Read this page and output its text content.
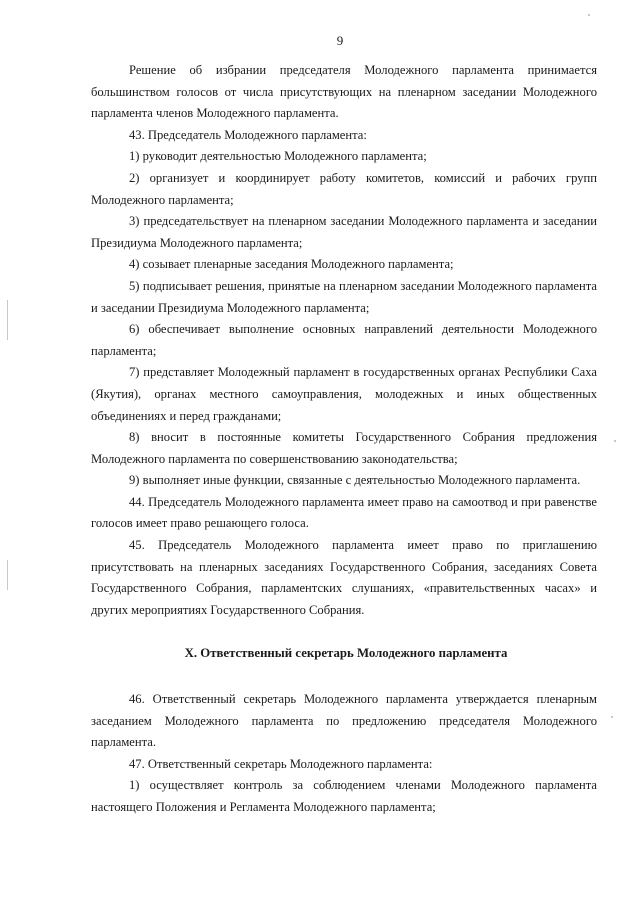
9

Решение об избрании председателя Молодежного парламента принимается большинством голосов от числа присутствующих на пленарном заседании Молодежного парламента членов Молодежного парламента.

43. Председатель Молодежного парламента:

1) руководит деятельностью Молодежного парламента;

2) организует и координирует работу комитетов, комиссий и рабочих групп Молодежного парламента;

3) председательствует на пленарном заседании Молодежного парламента и заседании Президиума Молодежного парламента;

4) созывает пленарные заседания Молодежного парламента;

5) подписывает решения, принятые на пленарном заседании Молодежного парламента и заседании Президиума Молодежного парламента;

6) обеспечивает выполнение основных направлений деятельности Молодежного парламента;

7) представляет Молодежный парламент в государственных органах Республики Саха (Якутия), органах местного самоуправления, молодежных и иных общественных объединениях и перед гражданами;

8) вносит в постоянные комитеты Государственного Собрания предложения Молодежного парламента по совершенствованию законодательства;

9) выполняет иные функции, связанные с деятельностью Молодежного парламента.

44. Председатель Молодежного парламента имеет право на самоотвод и при равенстве голосов имеет право решающего голоса.

45. Председатель Молодежного парламента имеет право по приглашению присутствовать на пленарных заседаниях Государственного Собрания, заседаниях Совета Государственного Собрания, парламентских слушаниях, «правительственных часах» и других мероприятиях Государственного Собрания.

X. Ответственный секретарь Молодежного парламента

46. Ответственный секретарь Молодежного парламента утверждается пленарным заседанием Молодежного парламента по предложению председателя Молодежного парламента.

47. Ответственный секретарь Молодежного парламента:

1) осуществляет контроль за соблюдением членами Молодежного парламента настоящего Положения и Регламента Молодежного парламента;
